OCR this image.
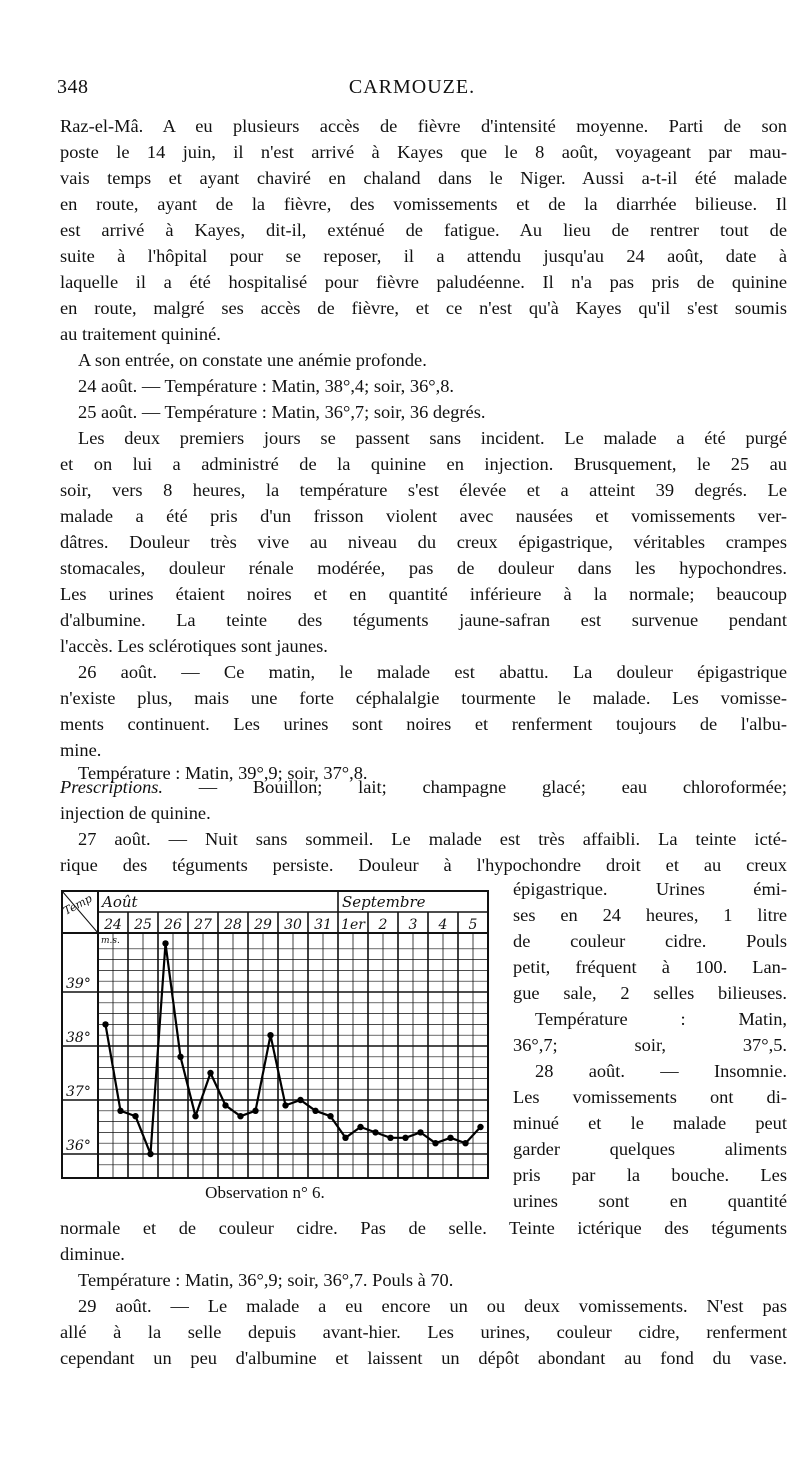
348	CARMOUZE.
Raz-el-Mâ. A eu plusieurs accès de fièvre d'intensité moyenne. Parti de son
poste le 14 juin, il n'est arrivé à Kayes que le 8 août, voyageant par mau-
vais temps et ayant chaviré en chaland dans le Niger. Aussi a-t-il été malade
en route, ayant de la fièvre, des vomissements et de la diarrhée bilieuse. Il
est arrivé à Kayes, dit-il, exténué de fatigue. Au lieu de rentrer tout de
suite à l'hôpital pour se reposer, il a attendu jusqu'au 24 août, date à
laquelle il a été hospitalisé pour fièvre paludéenne. Il n'a pas pris de quinine
en route, malgré ses accès de fièvre, et ce n'est qu'à Kayes qu'il s'est soumis
au traitement quininé.
A son entrée, on constate une anémie profonde.
24 août. — Température : Matin, 38°,4; soir, 36°,8.
25 août. — Température : Matin, 36°,7; soir, 36 degrés.
Les deux premiers jours se passent sans incident. Le malade a été purgé
et on lui a administré de la quinine en injection. Brusquement, le 25 au
soir, vers 8 heures, la température s'est élevée et a atteint 39 degrés. Le
malade a été pris d'un frisson violent avec nausées et vomissements ver-
dâtres. Douleur très vive au niveau du creux épigastrique, véritables crampes
stomacales, douleur rénale modérée, pas de douleur dans les hypochondres.
Les urines étaient noires et en quantité inférieure à la normale; beaucoup
d'albumine. La teinte des téguments jaune-safran est survenue pendant
l'accès. Les sclérotiques sont jaunes.
26 août. — Ce matin, le malade est abattu. La douleur épigastrique
n'existe plus, mais une forte céphalalgie tourmente le malade. Les vomisse-
ments continuent. Les urines sont noires et renferment toujours de l'albu-
mine.
Température : Matin, 39°,9; soir, 37°,8.
injection de quinine.
27 août. — Nuit sans sommeil. Le malade est très affaibli. La teinte icté-
rique des téguments persiste. Douleur à l'hypochondre droit et au creux
Prescriptions. — Bouillon; lait; champagne glacé; eau chloroformée;
épigastrique. Urines émi-
ses en 24 heures, 1 litre
de couleur cidre. Pouls
petit, fréquent à 100. Lan-
gue sale, 2 selles bilieuses.
Température : Matin,
36°,7; soir, 37°,5.
28 août. — Insomnie.
Les vomissements ont di-
minué et le malade peut
garder quelques aliments
pris par la bouche. Les
urines sont en quantité
normale et de couleur cidre. Pas de selle. Teinte ictérique des téguments
diminue.
Température : Matin, 36°,9; soir, 36°,7. Pouls à 70.
29 août. — Le malade a eu encore un ou deux vomissements. N'est pas
allé à la selle depuis avant-hier. Les urines, couleur cidre, renferment
cependant un peu d'albumine et laissent un dépôt abondant au fond du vase.
Août	Septembre
Temp
24 25 26 27 28 29 30 31 1er 2 3 4 5
m.s.
39°
38°
37°
36°
Observation n° 6.
